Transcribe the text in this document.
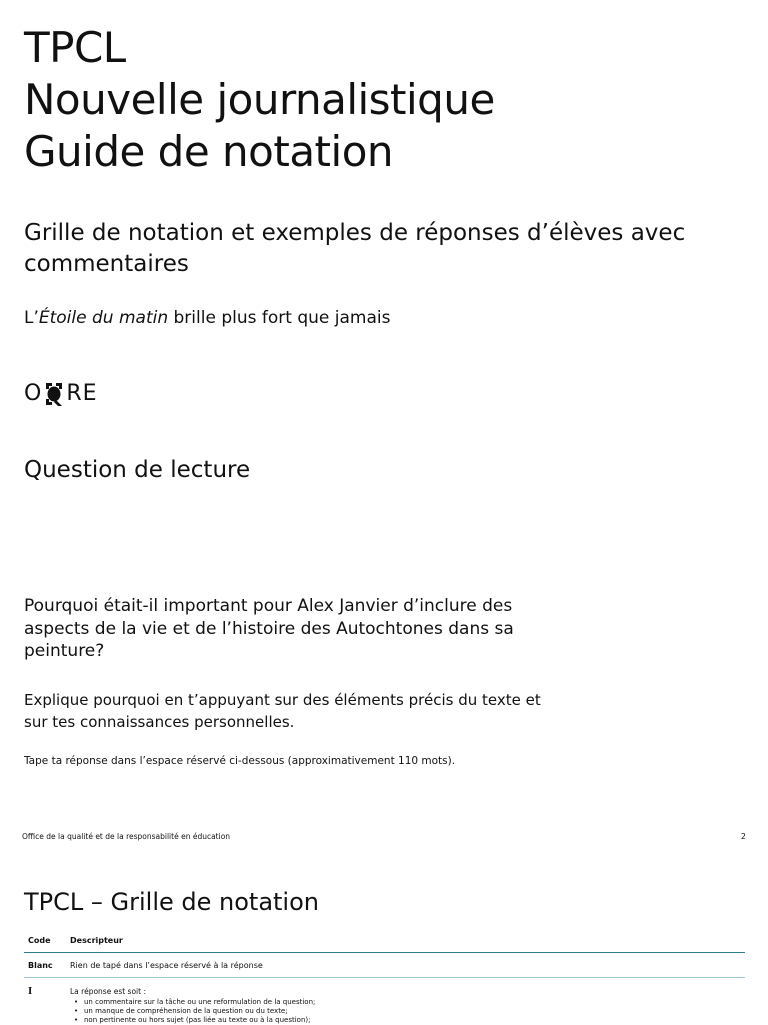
TPCL
Nouvelle journalistique
Guide de notation
Grille de notation et exemples de réponses d’élèves avec commentaires

L’Étoile du matin brille plus fort que jamais

O RE
Question de lecture

Pourquoi était-il important pour Alex Janvier d’inclure des aspects de la vie et de l’histoire des Autochtones dans sa peinture?

Explique pourquoi en t’appuyant sur des éléments précis du texte et sur tes connaissances personnelles.

Tape ta réponse dans l’espace réservé ci-dessous (approximativement 110 mots).

Office de la qualité et de la responsabilité en éducation	2
TPCL – Grille de notation
Code	Descripteur
Blanc	Rien de tapé dans l’espace réservé à la réponse
I	La réponse est soit :
• un commentaire sur la tâche ou une reformulation de la question;
• un manque de compréhension de la question ou du texte;
• non pertinente ou hors sujet (pas liée au texte ou à la question);
